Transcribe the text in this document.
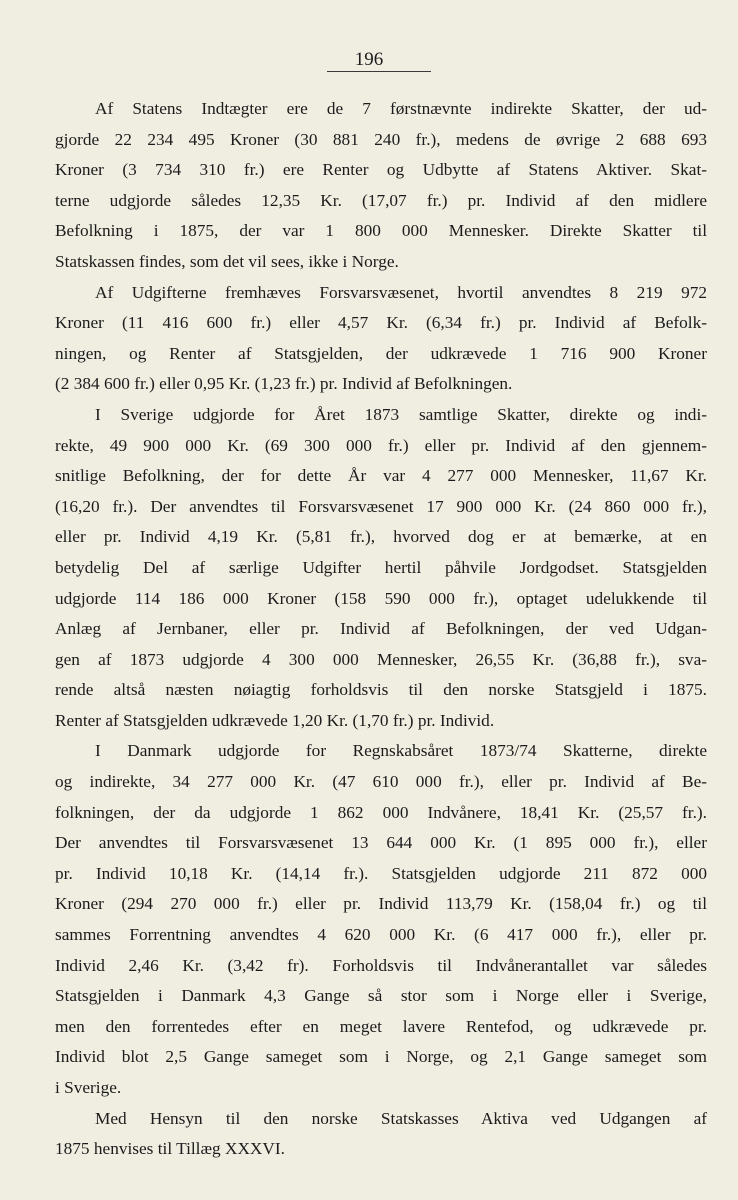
196
Af Statens Indtægter ere de 7 førstnævnte indirekte Skatter, der ud-
gjorde 22 234 495 Kroner (30 881 240 fr.), medens de øvrige 2 688 693
Kroner (3 734 310 fr.) ere Renter og Udbytte af Statens Aktiver. Skat-
terne udgjorde således 12,35 Kr. (17,07 fr.) pr. Individ af den midlere
Befolkning i 1875, der var 1 800 000 Mennesker. Direkte Skatter til
Statskassen findes, som det vil sees, ikke i Norge.
Af Udgifterne fremhæves Forsvarsvæsenet, hvortil anvendtes 8 219 972
Kroner (11 416 600 fr.) eller 4,57 Kr. (6,34 fr.) pr. Individ af Befolk-
ningen, og Renter af Statsgjelden, der udkrævede 1 716 900 Kroner
(2 384 600 fr.) eller 0,95 Kr. (1,23 fr.) pr. Individ af Befolkningen.
I Sverige udgjorde for Året 1873 samtlige Skatter, direkte og indi-
rekte, 49 900 000 Kr. (69 300 000 fr.) eller pr. Individ af den gjennem-
snitlige Befolkning, der for dette År var 4 277 000 Mennesker, 11,67 Kr.
(16,20 fr.). Der anvendtes til Forsvarsvæsenet 17 900 000 Kr. (24 860 000 fr.),
eller pr. Individ 4,19 Kr. (5,81 fr.), hvorved dog er at bemærke, at en
betydelig Del af særlige Udgifter hertil påhvile Jordgodset. Statsgjelden
udgjorde 114 186 000 Kroner (158 590 000 fr.), optaget udelukkende til
Anlæg af Jernbaner, eller pr. Individ af Befolkningen, der ved Udgan-
gen af 1873 udgjorde 4 300 000 Mennesker, 26,55 Kr. (36,88 fr.), sva-
rende altså næsten nøiagtig forholdsvis til den norske Statsgjeld i 1875.
Renter af Statsgjelden udkrævede 1,20 Kr. (1,70 fr.) pr. Individ.
I Danmark udgjorde for Regnskabsåret 1873/74 Skatterne, direkte
og indirekte, 34 277 000 Kr. (47 610 000 fr.), eller pr. Individ af Be-
folkningen, der da udgjorde 1 862 000 Indvånere, 18,41 Kr. (25,57 fr.).
Der anvendtes til Forsvarsvæsenet 13 644 000 Kr. (1 895 000 fr.), eller
pr. Individ 10,18 Kr. (14,14 fr.). Statsgjelden udgjorde 211 872 000
Kroner (294 270 000 fr.) eller pr. Individ 113,79 Kr. (158,04 fr.) og til
sammes Forrentning anvendtes 4 620 000 Kr. (6 417 000 fr.), eller pr.
Individ 2,46 Kr. (3,42 fr). Forholdsvis til Indvånerantallet var således
Statsgjelden i Danmark 4,3 Gange så stor som i Norge eller i Sverige,
men den forrentedes efter en meget lavere Rentefod, og udkrævede pr.
Individ blot 2,5 Gange sameget som i Norge, og 2,1 Gange sameget som
i Sverige.
Med Hensyn til den norske Statskasses Aktiva ved Udgangen af
1875 henvises til Tillæg XXXVI.
